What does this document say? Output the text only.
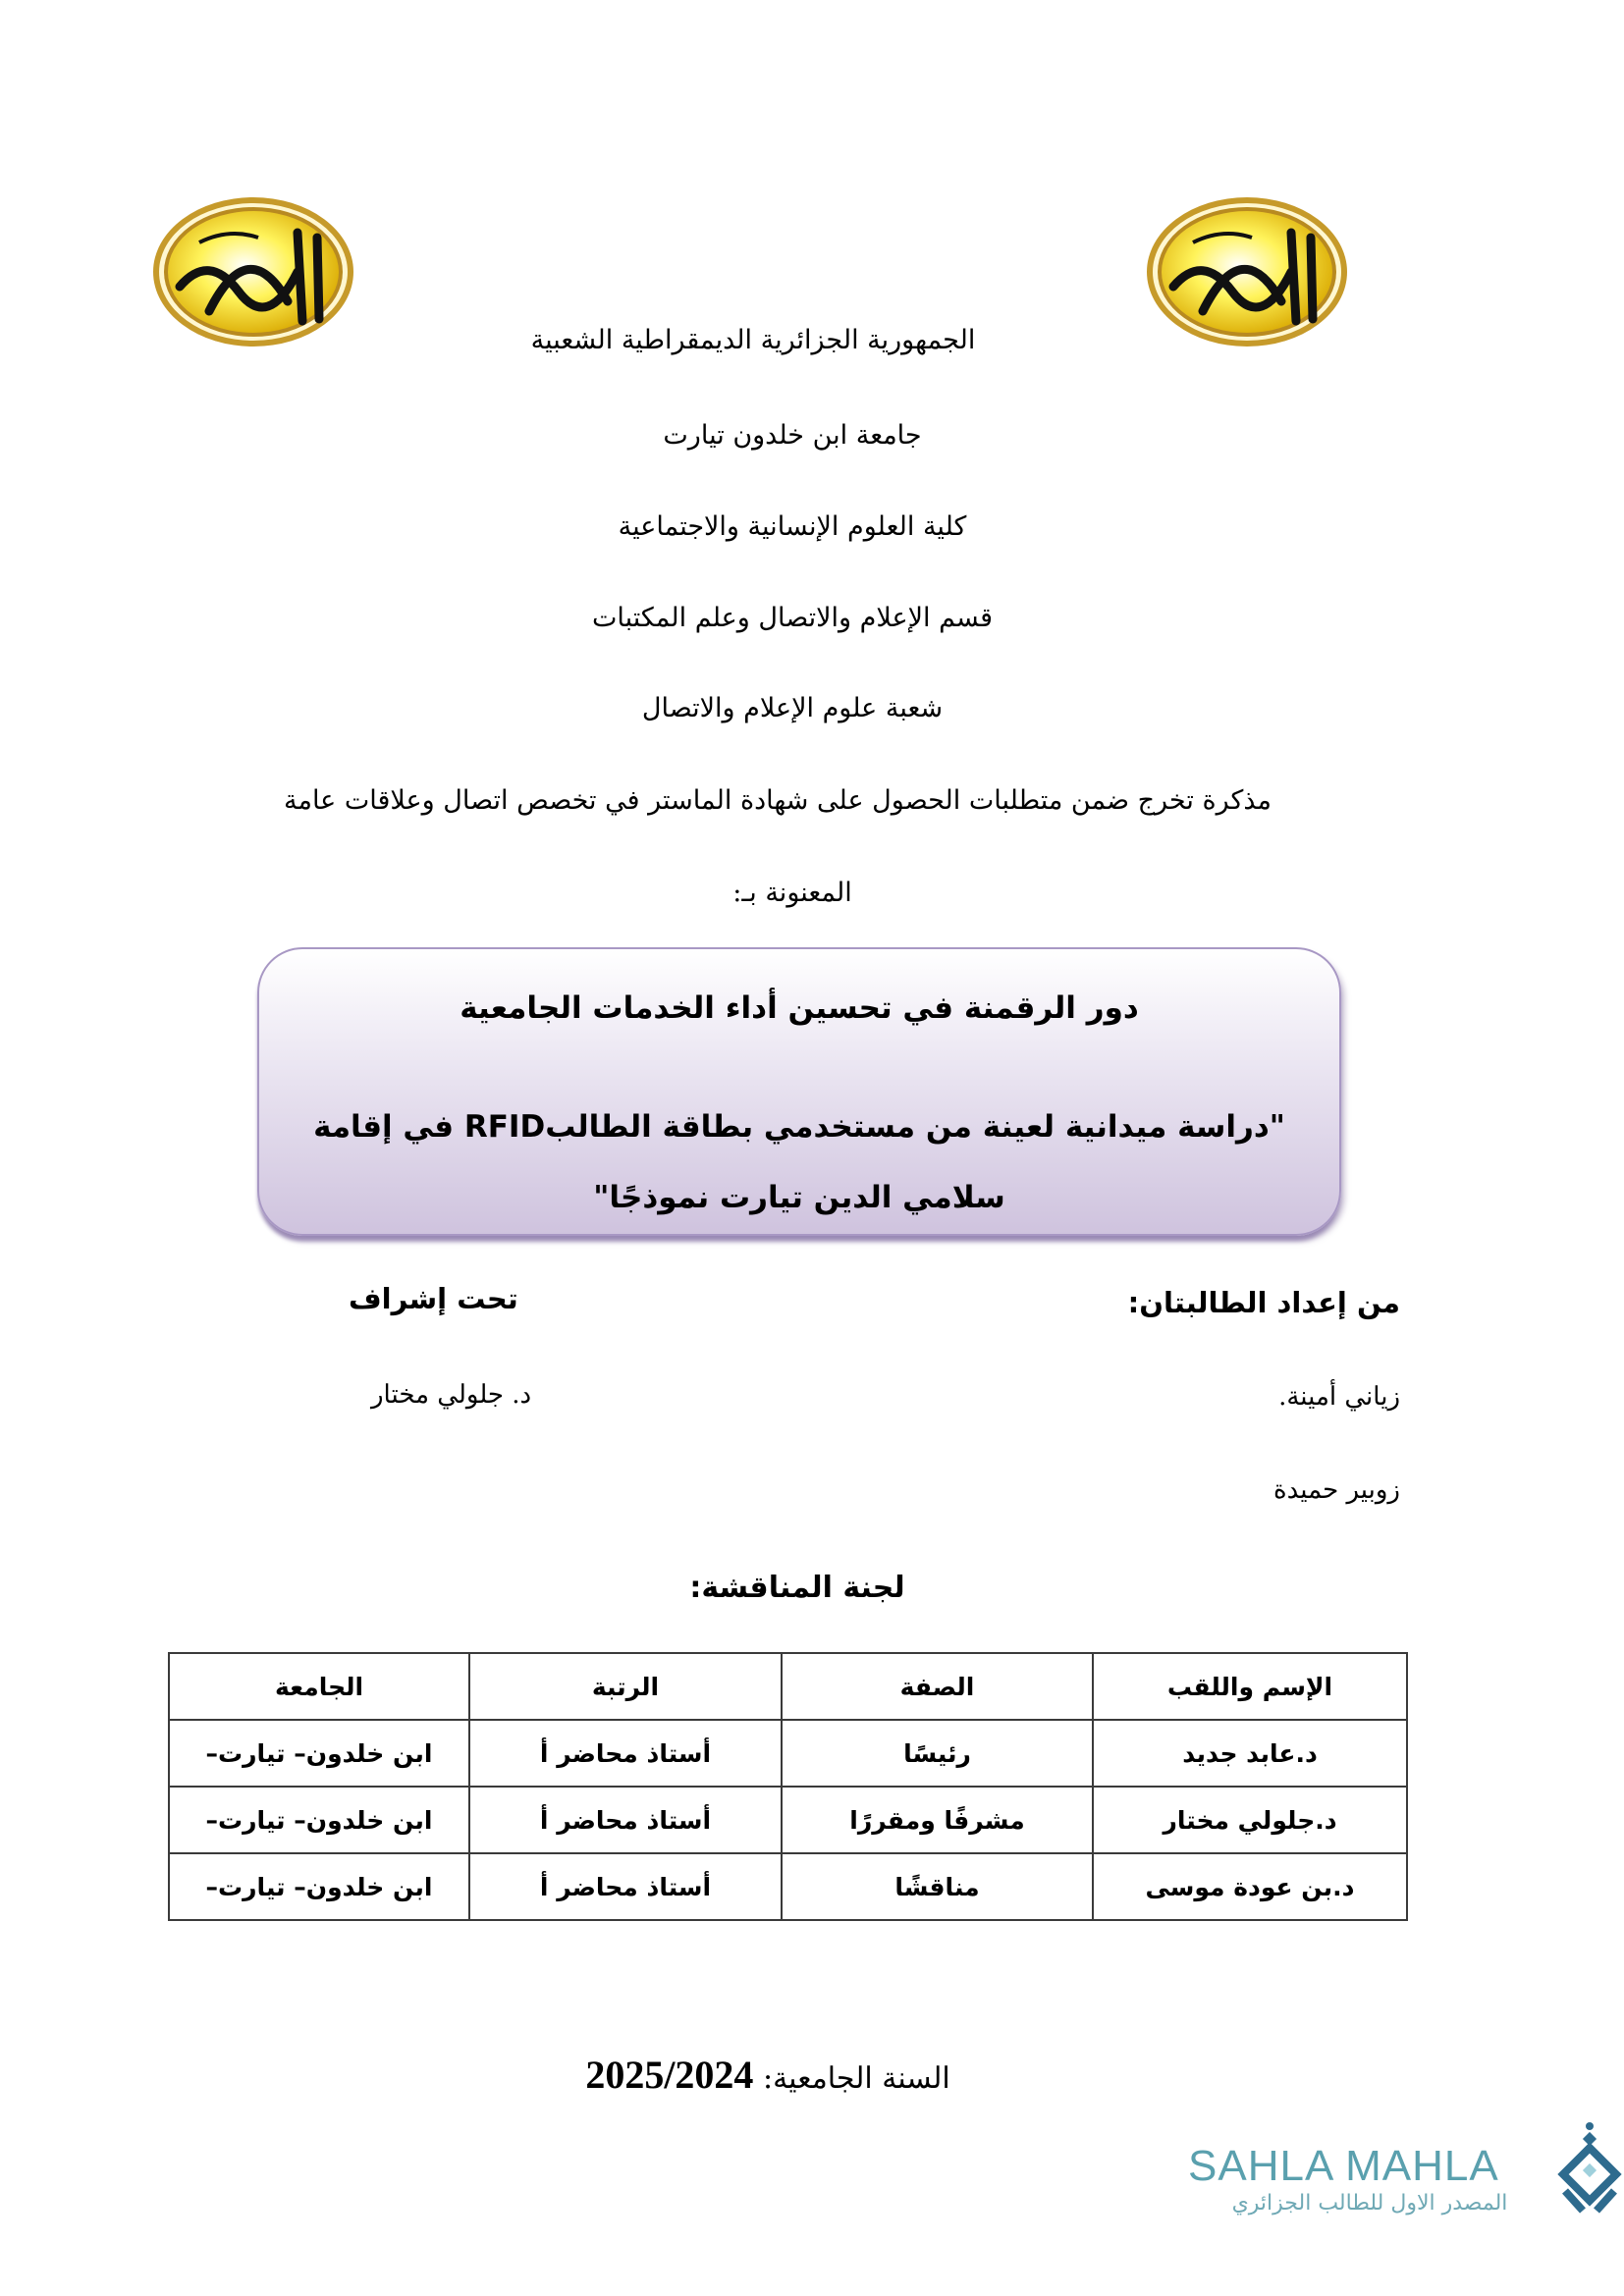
الجمهورية الجزائرية الديمقراطية الشعبية
جامعة ابن خلدون تيارت
كلية العلوم الإنسانية والاجتماعية
قسم الإعلام والاتصال وعلم المكتبات
شعبة علوم الإعلام والاتصال
مذكرة تخرج ضمن متطلبات الحصول على شهادة الماستر في تخصص اتصال وعلاقات عامة
المعنونة بـ:
دور الرقمنة في تحسين أداء الخدمات الجامعية
"دراسة ميدانية لعينة من مستخدمي بطاقة الطالبRFID في إقامة سلامي الدين تيارت نموذجًا"
من إعداد الطالبتان:
تحت إشراف
زياني أمينة.
د. جلولي مختار
زوبير حميدة
لجنة المناقشة:
الإسم واللقب	الصفة	الرتبة	الجامعة
د.عابد جديد	رئيسًا	أستاذ محاضر أ	ابن خلدون– تيارت–
د.جلولي مختار	مشرفًا ومقررًا	أستاذ محاضر أ	ابن خلدون– تيارت–
د.بن عودة موسى	مناقشًا	أستاذ محاضر أ	ابن خلدون– تيارت–
السنة الجامعية: 2025/2024
SAHLA MAHLA
المصدر الاول للطالب الجزائري
